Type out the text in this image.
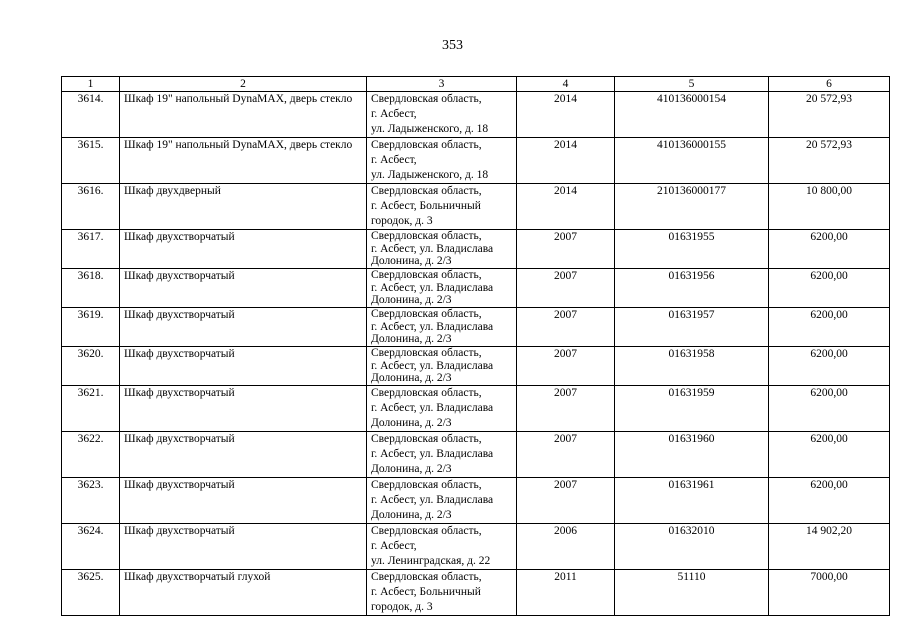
353
1	2	3	4	5	6
3614.	Шкаф 19" напольный DynaMAX, дверь стекло	Свердловская область,
г. Асбест,
ул. Ладыженского, д. 18	2014	410136000154	20 572,93
3615.	Шкаф 19" напольный DynaMAX, дверь стекло	Свердловская область,
г. Асбест,
ул. Ладыженского, д. 18	2014	410136000155	20 572,93
3616.	Шкаф двухдверный	Свердловская область,
г. Асбест, Больничный
городок, д. 3	2014	210136000177	10 800,00
3617.	Шкаф двухстворчатый	Свердловская область,
г. Асбест, ул. Владислава
Долонина, д. 2/3	2007	01631955	6200,00
3618.	Шкаф двухстворчатый	Свердловская область,
г. Асбест, ул. Владислава
Долонина, д. 2/3	2007	01631956	6200,00
3619.	Шкаф двухстворчатый	Свердловская область,
г. Асбест, ул. Владислава
Долонина, д. 2/3	2007	01631957	6200,00
3620.	Шкаф двухстворчатый	Свердловская область,
г. Асбест, ул. Владислава
Долонина, д. 2/3	2007	01631958	6200,00
3621.	Шкаф двухстворчатый	Свердловская область,
г. Асбест, ул. Владислава
Долонина, д. 2/3	2007	01631959	6200,00
3622.	Шкаф двухстворчатый	Свердловская область,
г. Асбест, ул. Владислава
Долонина, д. 2/3	2007	01631960	6200,00
3623.	Шкаф двухстворчатый	Свердловская область,
г. Асбест, ул. Владислава
Долонина, д. 2/3	2007	01631961	6200,00
3624.	Шкаф двухстворчатый	Свердловская область,
г. Асбест,
ул. Ленинградская, д. 22	2006	01632010	14 902,20
3625.	Шкаф двухстворчатый глухой	Свердловская область,
г. Асбест, Больничный
городок, д. 3	2011	51110	7000,00
